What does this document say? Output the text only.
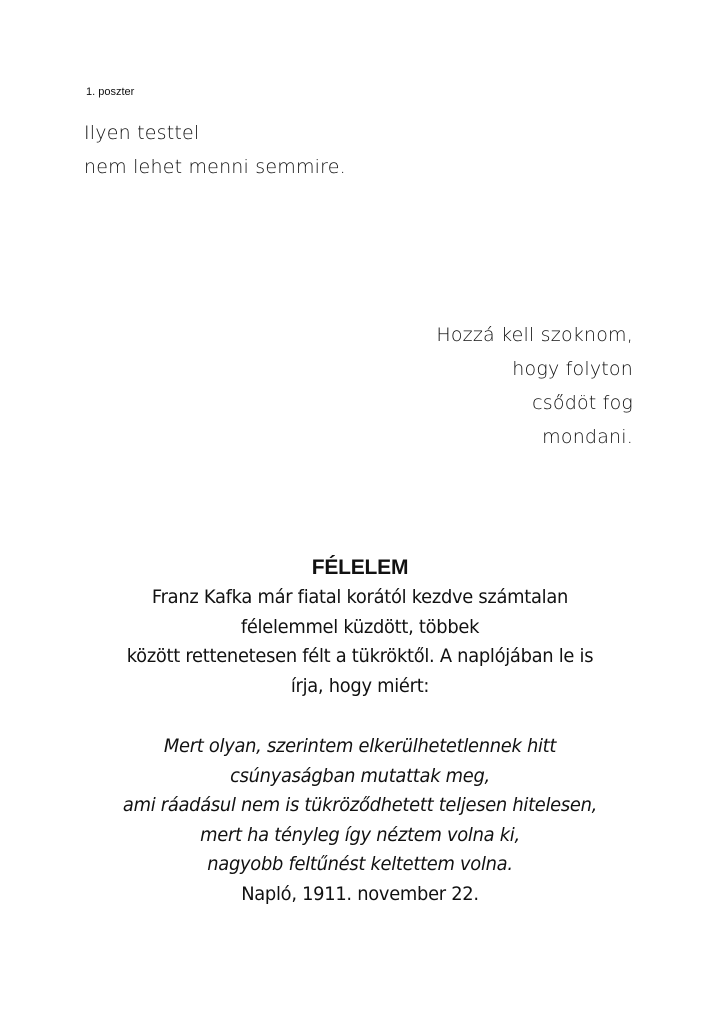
1. poszter
Ilyen testtel
nem lehet menni semmire.
Hozzá kell szoknom,
hogy folyton
csődöt fog
mondani.
FÉLELEM
Franz Kafka már fiatal korától kezdve számtalan
félelemmel küzdött, többek
között rettenetesen félt a tükröktől. A naplójában le is
írja, hogy miért:
Mert olyan, szerintem elkerülhetetlennek hitt
csúnyaságban mutattak meg,
ami ráadásul nem is tükröződhetett teljesen hitelesen,
mert ha tényleg így néztem volna ki,
nagyobb feltűnést keltettem volna.
Napló, 1911. november 22.
